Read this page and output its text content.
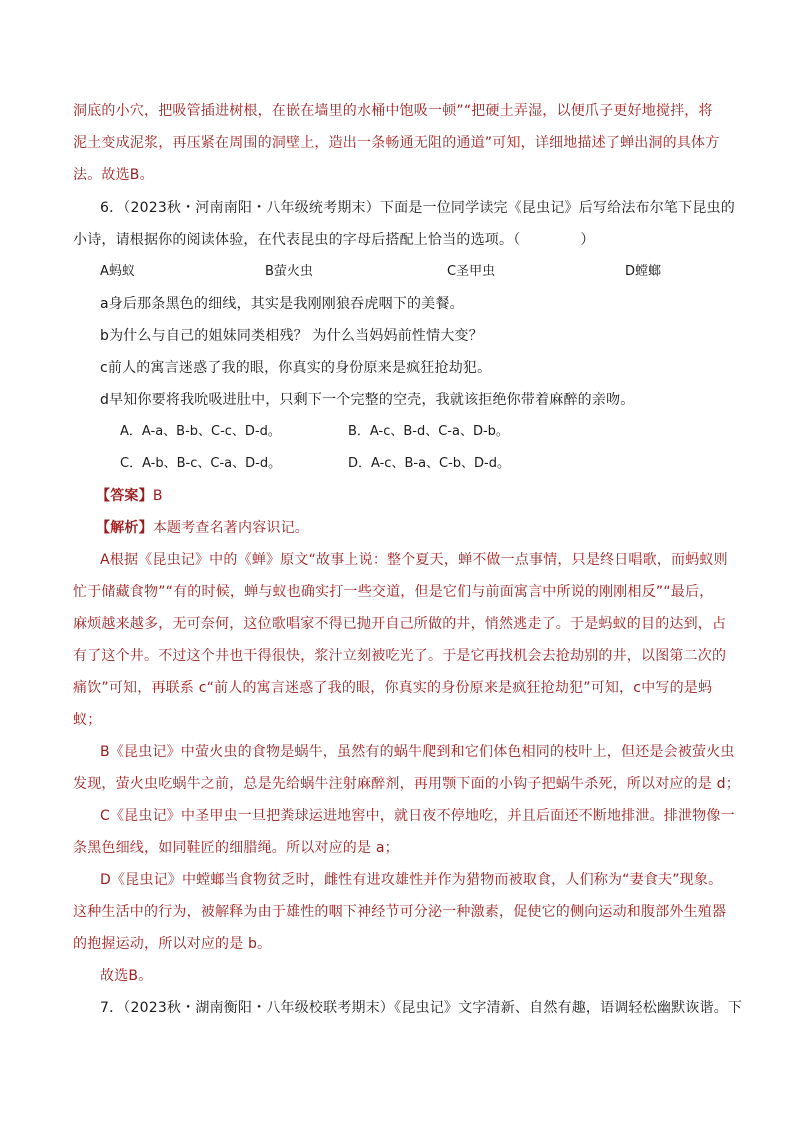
洞底的小穴，把吸管插进树根，在嵌在墙里的水桶中饱吸一顿”“把硬土弄湿，以便爪子更好地搅拌，将
泥土变成泥浆，再压紧在周围的洞壁上，造出一条畅通无阻的通道”可知，详细地描述了蝉出洞的具体方
法。故选B。
6．（2023秋・河南南阳・八年级统考期末）下面是一位同学读完《昆虫记》后写给法布尔笔下昆虫的
小诗，请根据你的阅读体验，在代表昆虫的字母后搭配上恰当的选项。（	）
A蚂蚁	B萤火虫	C圣甲虫	D螳螂
a身后那条黑色的细线，其实是我刚刚狼吞虎咽下的美餐。
b为什么与自己的姐妹同类相残？ 为什么当妈妈前性情大变？
c前人的寓言迷惑了我的眼，你真实的身份原来是疯狂抢劫犯。
d早知你要将我吮吸进肚中，只剩下一个完整的空壳，我就该拒绝你带着麻醉的亲吻。
A．A-a、B-b、C-c、D-d。	B．A-c、B-d、C-a、D-b。
C．A-b、B-c、C-a、D-d。	D．A-c、B-a、C-b、D-d。
【答案】B
【解析】本题考查名著内容识记。
A根据《昆虫记》中的《蝉》原文“故事上说：整个夏天，蝉不做一点事情，只是终日唱歌，而蚂蚁则
忙于储藏食物”“有的时候，蝉与蚁也确实打一些交道，但是它们与前面寓言中所说的刚刚相反”“最后，
麻烦越来越多，无可奈何，这位歌唱家不得已抛开自己所做的井，悄然逃走了。于是蚂蚁的目的达到，占
有了这个井。不过这个井也干得很快，浆汁立刻被吃光了。于是它再找机会去抢劫别的井，以图第二次的
痛饮”可知，再联系 c“前人的寓言迷惑了我的眼，你真实的身份原来是疯狂抢劫犯”可知，c中写的是蚂
蚁；
B《昆虫记》中萤火虫的食物是蜗牛，虽然有的蜗牛爬到和它们体色相同的枝叶上，但还是会被萤火虫
发现，萤火虫吃蜗牛之前，总是先给蜗牛注射麻醉剂，再用颚下面的小钩子把蜗牛杀死，所以对应的是 d；
C《昆虫记》中圣甲虫一旦把粪球运进地窖中，就日夜不停地吃，并且后面还不断地排泄。排泄物像一
条黑色细线，如同鞋匠的细腊绳。所以对应的是 a；
D《昆虫记》中螳螂当食物贫乏时，雌性有进攻雄性并作为猎物而被取食，人们称为“妻食夫”现象。
这种生活中的行为，被解释为由于雄性的咽下神经节可分泌一种激素，促使它的侧向运动和腹部外生殖器
的抱握运动，所以对应的是 b。
故选B。
7．（2023秋・湖南衡阳・八年级校联考期末）《昆虫记》文字清新、自然有趣，语调轻松幽默诙谐。下
